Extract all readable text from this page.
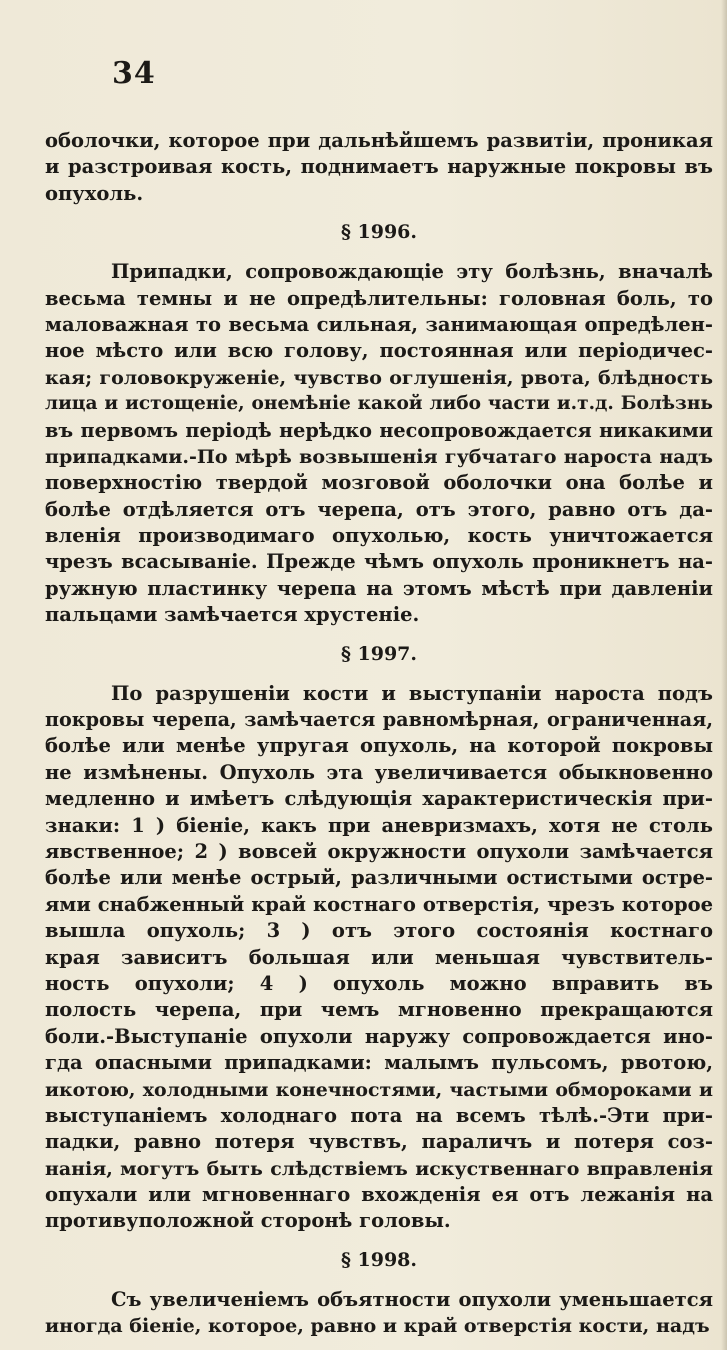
34
оболочки, которое при дальнѣйшемъ развитіи, проникая
и разстроивая кость, поднимаетъ наружные покровы въ
опухоль.
§ 1996.
Припадки, сопровождающіе эту болѣзнь, вначалѣ
весьма темны и не опредѣлительны: головная боль, то
маловажная то весьма сильная, занимающая опредѣлен-
ное мѣсто или всю голову, постоянная или періодичес-
кая; головокруженіе, чувство оглушенія, рвота, блѣдность
лица и истощеніе, онемѣніе какой либо части и.т.д. Болѣзнь
въ первомъ періодѣ нерѣдко несопровождается никакими
припадками.-По мѣрѣ возвышенія губчатаго нароста надъ
поверхностію твердой мозговой оболочки она болѣе и
болѣе отдѣляется отъ черепа, отъ этого, равно отъ да-
вленія производимаго опухолью, кость уничтожается
чрезъ всасываніе. Прежде чѣмъ опухоль проникнетъ на-
ружную пластинку черепа на этомъ мѣстѣ при давленіи
пальцами замѣчается хрустеніе.
§ 1997.
По разрушеніи кости и выступаніи нароста подъ
покровы черепа, замѣчается равномѣрная, ограниченная,
болѣе или менѣе упругая опухоль, на которой покровы
не измѣнены. Опухоль эта увеличивается обыкновенно
медленно и имѣетъ слѣдующія характеристическія при-
знаки: 1 ) біеніе, какъ при аневризмахъ, хотя не столь
явственное; 2 ) вовсей окружности опухоли замѣчается
болѣе или менѣе острый, различными остистыми остре-
ями снабженный край костнаго отверстія, чрезъ которое
вышла опухоль; 3 ) отъ этого состоянія костнаго
края зависитъ большая или меньшая чувствитель-
ность опухоли; 4 ) опухоль можно вправить въ
полость черепа, при чемъ мгновенно прекращаются
боли.-Выступаніе опухоли наружу сопровождается ино-
гда опасными припадками: малымъ пульсомъ, рвотою,
икотою, холодными конечностями, частыми обмороками и
выступаніемъ холоднаго пота на всемъ тѣлѣ.-Эти при-
падки, равно потеря чувствъ, параличъ и потеря соз-
нанія, могутъ быть слѣдствіемъ искуственнаго вправленія
опухали или мгновеннаго вхожденія ея отъ лежанія на
противуположной сторонѣ головы.
§ 1998.
Съ увеличеніемъ объятности опухоли уменьшается
иногда біеніе, которое, равно и край отверстія кости, надъ
